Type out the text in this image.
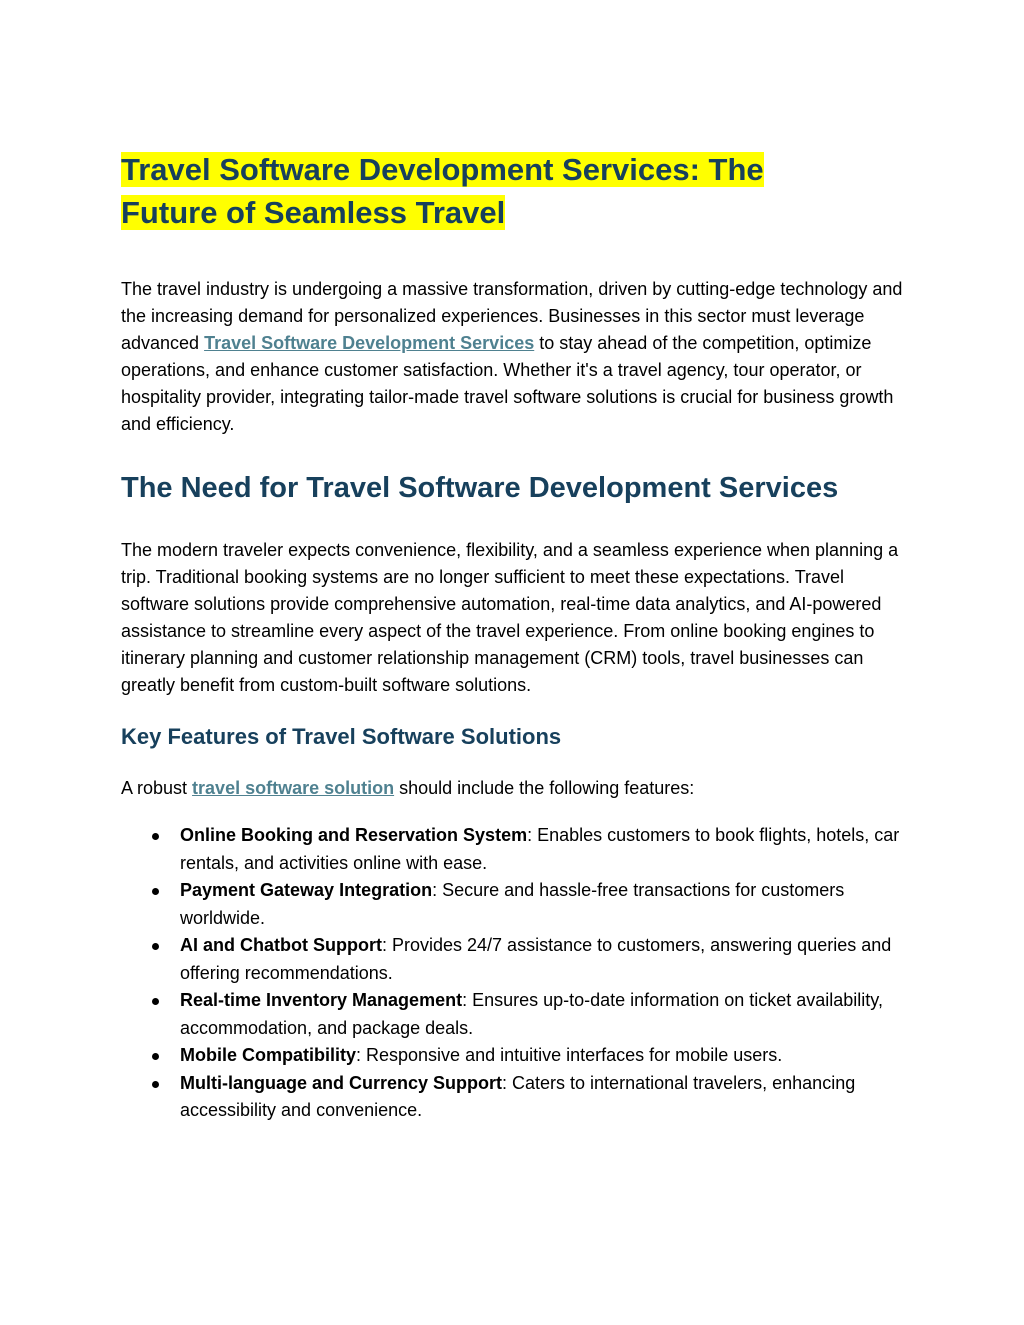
Travel Software Development Services: The
Future of Seamless Travel

The travel industry is undergoing a massive transformation, driven by cutting-edge technology and the increasing demand for personalized experiences. Businesses in this sector must leverage advanced Travel Software Development Services to stay ahead of the competition, optimize operations, and enhance customer satisfaction. Whether it's a travel agency, tour operator, or hospitality provider, integrating tailor-made travel software solutions is crucial for business growth and efficiency.

The Need for Travel Software Development Services

The modern traveler expects convenience, flexibility, and a seamless experience when planning a trip. Traditional booking systems are no longer sufficient to meet these expectations. Travel software solutions provide comprehensive automation, real-time data analytics, and AI-powered assistance to streamline every aspect of the travel experience. From online booking engines to itinerary planning and customer relationship management (CRM) tools, travel businesses can greatly benefit from custom-built software solutions.

Key Features of Travel Software Solutions

A robust travel software solution should include the following features:

Online Booking and Reservation System: Enables customers to book flights, hotels, car rentals, and activities online with ease.
Payment Gateway Integration: Secure and hassle-free transactions for customers worldwide.
AI and Chatbot Support: Provides 24/7 assistance to customers, answering queries and offering recommendations.
Real-time Inventory Management: Ensures up-to-date information on ticket availability, accommodation, and package deals.
Mobile Compatibility: Responsive and intuitive interfaces for mobile users.
Multi-language and Currency Support: Caters to international travelers, enhancing accessibility and convenience.
